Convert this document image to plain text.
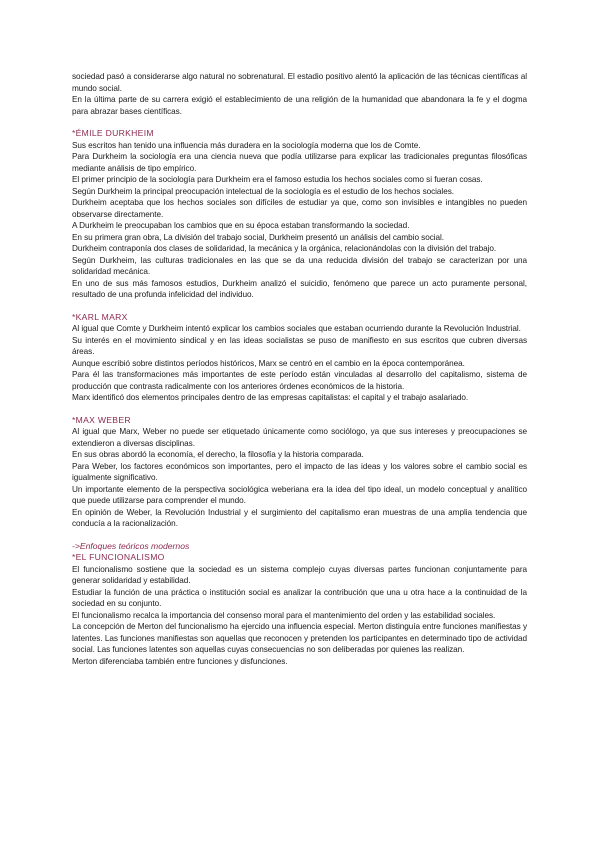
sociedad pasó a considerarse algo natural no sobrenatural. El estadio positivo alentó la aplicación de las técnicas científicas al mundo social.

En la última parte de su carrera exigió el establecimiento de una religión de la humanidad que abandonara la fe y el dogma para abrazar bases científicas.

*ÉMILE DURKHEIM

Sus escritos han tenido una influencia más duradera en la sociología moderna que los de Comte.

Para Durkheim la sociología era una ciencia nueva que podía utilizarse para explicar las tradicionales preguntas filosóficas mediante análisis de tipo empírico.

El primer principio de la sociología para Durkheim era el famoso estudia los hechos sociales como si fueran cosas.

Según Durkheim la principal preocupación intelectual de la sociología es el estudio de los hechos sociales.

Durkheim aceptaba que los hechos sociales son difíciles de estudiar ya que, como son invisibles e intangibles no pueden observarse directamente.

A Durkheim le preocupaban los cambios que en su época estaban transformando la sociedad.

En su primera gran obra, La división del trabajo social, Durkheim presentó un análisis del cambio social.

Durkheim contraponía dos clases de solidaridad, la mecánica y la orgánica, relacionándolas con la división del trabajo.

Según Durkheim, las culturas tradicionales en las que se da una reducida división del trabajo se caracterizan por una solidaridad mecánica.

En uno de sus más famosos estudios, Durkheim analizó el suicidio, fenómeno que parece un acto puramente personal, resultado de una profunda infelicidad del individuo.

*KARL MARX

Al igual que Comte y Durkheim intentó explicar los cambios sociales que estaban ocurriendo durante la Revolución Industrial.

Su interés en el movimiento sindical y en las ideas socialistas se puso de manifiesto en sus escritos que cubren diversas áreas.

Aunque escribió sobre distintos períodos históricos, Marx se centró en el cambio en la época contemporánea.

Para él las transformaciones más importantes de este período están vinculadas al desarrollo del capitalismo, sistema de producción que contrasta radicalmente con los anteriores órdenes económicos de la historia.

Marx identificó dos elementos principales dentro de las empresas capitalistas: el capital y el trabajo asalariado.

*MAX WEBER

Al igual que Marx, Weber no puede ser etiquetado únicamente como sociólogo, ya que sus intereses y preocupaciones se extendieron a diversas disciplinas.

En sus obras abordó la economía, el derecho, la filosofía y la historia comparada.

Para Weber, los factores económicos son importantes, pero el impacto de las ideas y los valores sobre el cambio social es igualmente significativo.

Un importante elemento de la perspectiva sociológica weberiana era la idea del tipo ideal, un modelo conceptual y analítico que puede utilizarse para comprender el mundo.

En opinión de Weber, la Revolución Industrial y el surgimiento del capitalismo eran muestras de una amplia tendencia que conducía a la racionalización.

->Enfoques teóricos modernos
*EL FUNCIONALISMO

El funcionalismo sostiene que la sociedad es un sistema complejo cuyas diversas partes funcionan conjuntamente para generar solidaridad y estabilidad.

Estudiar la función de una práctica o institución social es analizar la contribución que una u otra hace a la continuidad de la sociedad en su conjunto.

El funcionalismo recalca la importancia del consenso moral para el mantenimiento del orden y las estabilidad sociales.

La concepción de Merton del funcionalismo ha ejercido una influencia especial. Merton distinguía entre funciones manifiestas y latentes. Las funciones manifiestas son aquellas que reconocen y pretenden los participantes en determinado tipo de actividad social. Las funciones latentes son aquellas cuyas consecuencias no son deliberadas por quienes las realizan.

Merton diferenciaba también entre funciones y disfunciones.
